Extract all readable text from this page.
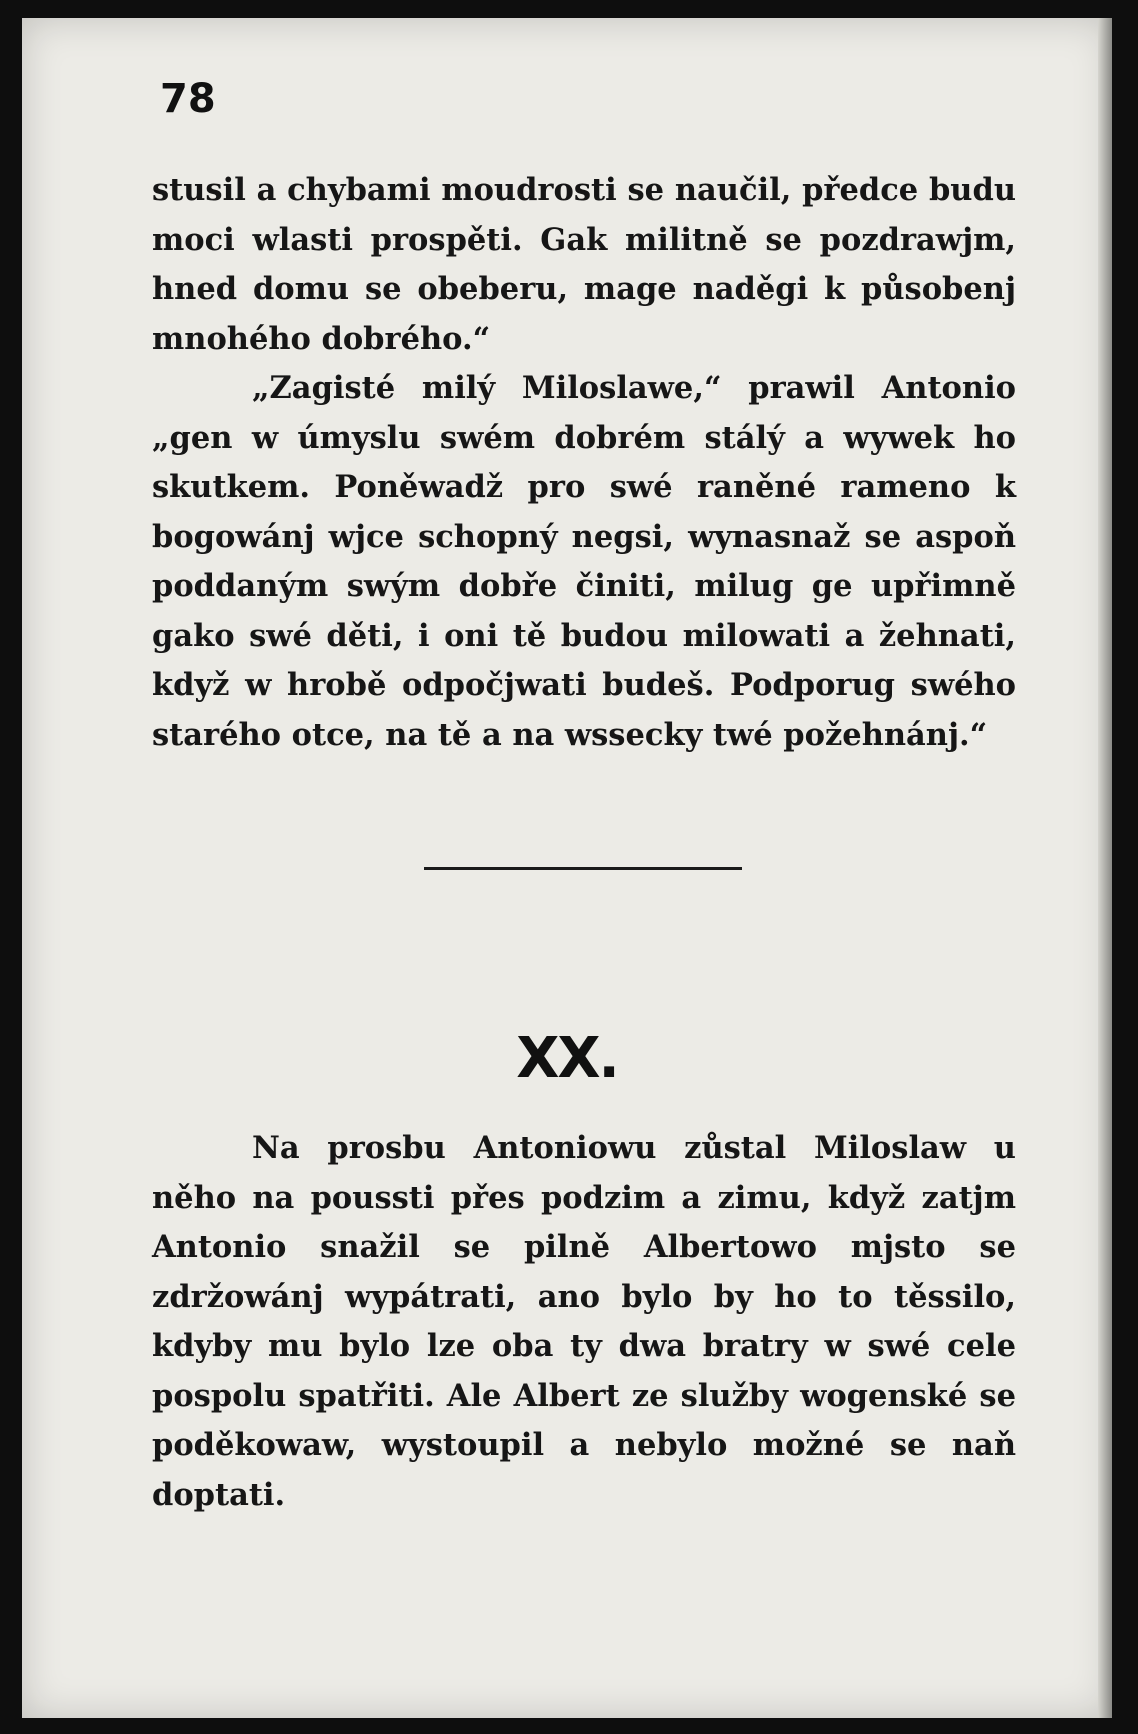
78

stusil a chybami moudrosti se naučil, předce budu moci wlasti prospěti. Gak militně se pozdrawjm, hned domu se obeberu, mage naděgi k působenj mnohého dobrého.“

„Zagisté milý Miloslawe,“ prawil Antonio „gen w úmyslu swém dobrém stálý a wywek ho skutkem. Poněwadž pro swé raněné rameno k bogowánj wjce schopný negsi, wynasnaž se aspoň poddaným swým dobře činiti, milug ge upřimně gako swé děti, i oni tě budou milowati a žehnati, když w hrobě odpočjwati budeš. Podporug swého starého otce, na tě a na wssecky twé požehnánj.“

XX.

Na prosbu Antoniowu zůstal Miloslaw u něho na poussti přes podzim a zimu, když zatjm Antonio snažil se pilně Albertowo mjsto se zdržowánj wypátrati, ano bylo by ho to těssilo, kdyby mu bylo lze oba ty dwa bratry w swé cele pospolu spatřiti. Ale Albert ze služby wogenské se poděkowaw, wystoupil a nebylo možné se naň doptati.
